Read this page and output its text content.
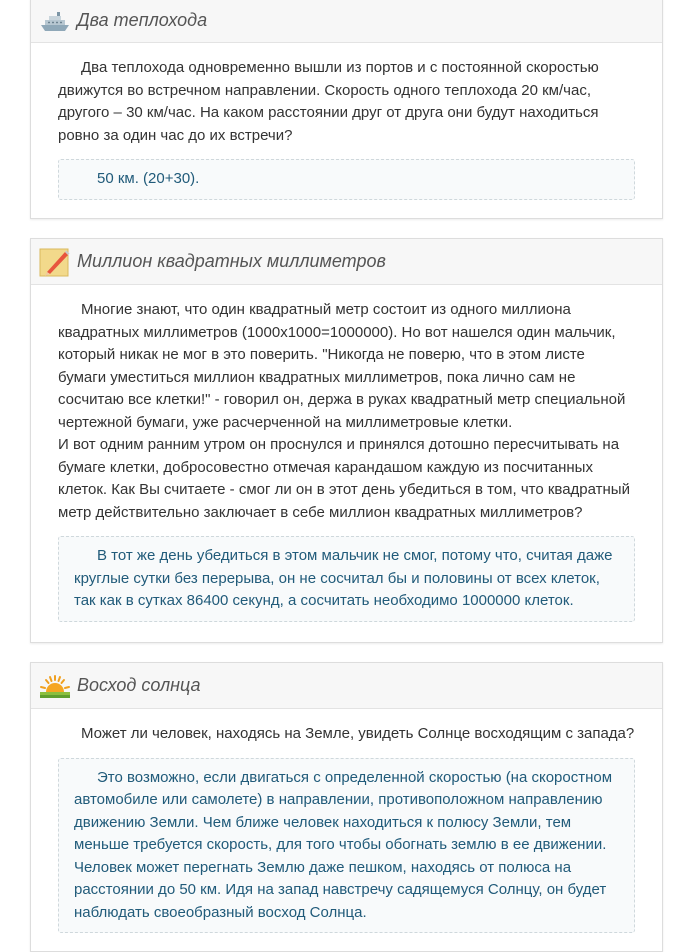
Два теплохода

Два теплохода одновременно вышли из портов и с постоянной скоростью движутся во встречном направлении. Скорость одного теплохода 20 км/час, другого – 30 км/час. На каком расстоянии друг от друга они будут находиться ровно за один час до их встречи?

50 км. (20+30).

Миллион квадратных миллиметров

Многие знают, что один квадратный метр состоит из одного миллиона квадратных миллиметров (1000x1000=1000000). Но вот нашелся один мальчик, который никак не мог в это поверить. "Никогда не поверю, что в этом листе бумаги уместиться миллион квадратных миллиметров, пока лично сам не сосчитаю все клетки!" - говорил он, держа в руках квадратный метр специальной чертежной бумаги, уже расчерченной на миллиметровые клетки.

И вот одним ранним утром он проснулся и принялся дотошно пересчитывать на бумаге клетки, добросовестно отмечая карандашом каждую из посчитанных клеток. Как Вы считаете - смог ли он в этот день убедиться в том, что квадратный метр действительно заключает в себе миллион квадратных миллиметров?

В тот же день убедиться в этом мальчик не смог, потому что, считая даже круглые сутки без перерыва, он не сосчитал бы и половины от всех клеток, так как в сутках 86400 секунд, а сосчитать необходимо 1000000 клеток.

Восход солнца

Может ли человек, находясь на Земле, увидеть Солнце восходящим с запада?

Это возможно, если двигаться с определенной скоростью (на скоростном автомобиле или самолете) в направлении, противоположном направлению движению Земли. Чем ближе человек находиться к полюсу Земли, тем меньше требуется скорость, для того чтобы обогнать землю в ее движении. Человек может перегнать Землю даже пешком, находясь от полюса на расстоянии до 50 км. Идя на запад навстречу садящемуся Солнцу, он будет наблюдать своеобразный восход Солнца.
